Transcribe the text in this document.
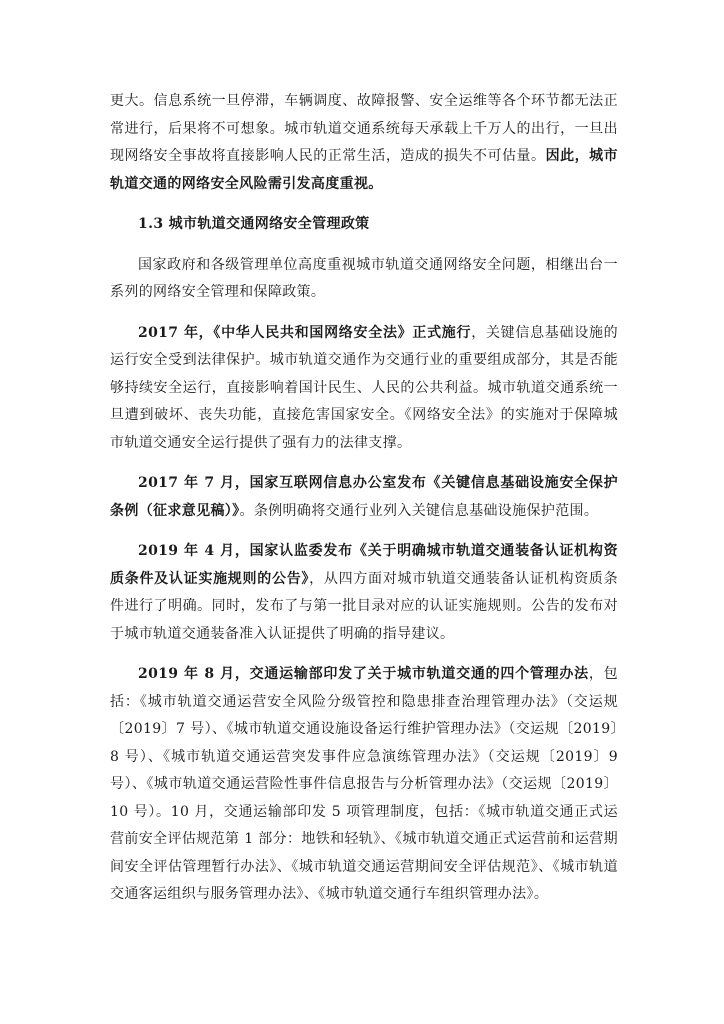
更大。信息系统一旦停滞，车辆调度、故障报警、安全运维等各个环节都无法正常进行，后果将不可想象。城市轨道交通系统每天承载上千万人的出行，一旦出现网络安全事故将直接影响人民的正常生活，造成的损失不可估量。因此，城市轨道交通的网络安全风险需引发高度重视。

1.3 城市轨道交通网络安全管理政策

国家政府和各级管理单位高度重视城市轨道交通网络安全问题，相继出台一系列的网络安全管理和保障政策。

2017 年，《中华人民共和国网络安全法》正式施行，关键信息基础设施的运行安全受到法律保护。城市轨道交通作为交通行业的重要组成部分，其是否能够持续安全运行，直接影响着国计民生、人民的公共利益。城市轨道交通系统一旦遭到破坏、丧失功能，直接危害国家安全。《网络安全法》的实施对于保障城市轨道交通安全运行提供了强有力的法律支撑。

2017 年 7 月，国家互联网信息办公室发布《关键信息基础设施安全保护条例（征求意见稿）》。条例明确将交通行业列入关键信息基础设施保护范围。

2019 年 4 月，国家认监委发布《关于明确城市轨道交通装备认证机构资质条件及认证实施规则的公告》，从四方面对城市轨道交通装备认证机构资质条件进行了明确。同时，发布了与第一批目录对应的认证实施规则。公告的发布对于城市轨道交通装备准入认证提供了明确的指导建议。

2019 年 8 月，交通运输部印发了关于城市轨道交通的四个管理办法，包括：《城市轨道交通运营安全风险分级管控和隐患排查治理管理办法》（交运规〔2019〕7 号）、《城市轨道交通设施设备运行维护管理办法》（交运规〔2019〕8 号）、《城市轨道交通运营突发事件应急演练管理办法》（交运规〔2019〕9 号）、《城市轨道交通运营险性事件信息报告与分析管理办法》（交运规〔2019〕10 号）。10 月，交通运输部印发 5 项管理制度，包括：《城市轨道交通正式运营前安全评估规范第 1 部分：地铁和轻轨》、《城市轨道交通正式运营前和运营期间安全评估管理暂行办法》、《城市轨道交通运营期间安全评估规范》、《城市轨道交通客运组织与服务管理办法》、《城市轨道交通行车组织管理办法》。
